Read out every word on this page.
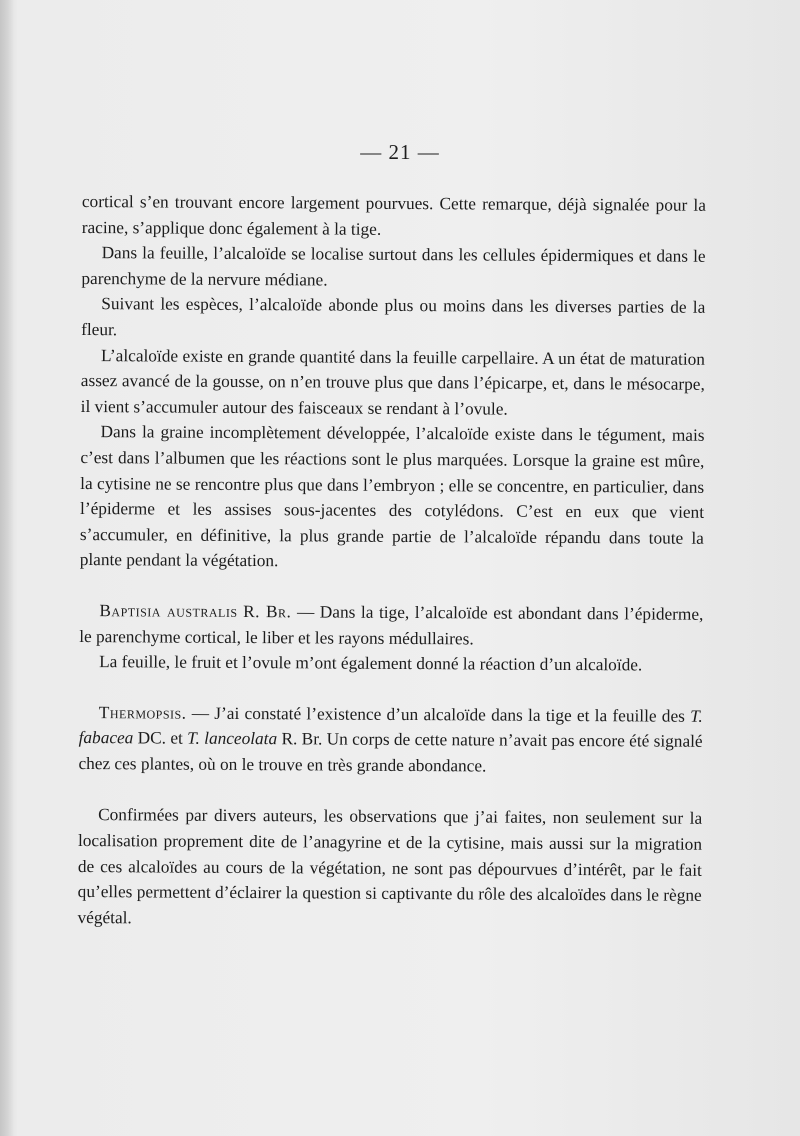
— 21 —

cortical s’en trouvant encore largement pourvues. Cette remarque, déjà signalée pour la racine, s’applique donc également à la tige.

Dans la feuille, l’alcaloïde se localise surtout dans les cellules épidermiques et dans le parenchyme de la nervure médiane.

Suivant les espèces, l’alcaloïde abonde plus ou moins dans les diverses parties de la fleur.

L’alcaloïde existe en grande quantité dans la feuille carpellaire. A un état de maturation assez avancé de la gousse, on n’en trouve plus que dans l’épicarpe, et, dans le mésocarpe, il vient s’accumuler autour des faisceaux se rendant à l’ovule.

Dans la graine incomplètement développée, l’alcaloïde existe dans le tégument, mais c’est dans l’albumen que les réactions sont le plus marquées. Lorsque la graine est mûre, la cytisine ne se rencontre plus que dans l’embryon ; elle se concentre, en particulier, dans l’épiderme et les assises sous-jacentes des cotylédons. C’est en eux que vient s’accumuler, en définitive, la plus grande partie de l’alcaloïde répandu dans toute la plante pendant la végétation.

Baptisia australis R. Br. — Dans la tige, l’alcaloïde est abondant dans l’épiderme, le parenchyme cortical, le liber et les rayons médullaires.

La feuille, le fruit et l’ovule m’ont également donné la réaction d’un alcaloïde.

Thermopsis. — J’ai constaté l’existence d’un alcaloïde dans la tige et la feuille des T. fabacea DC. et T. lanceolata R. Br. Un corps de cette nature n’avait pas encore été signalé chez ces plantes, où on le trouve en très grande abondance.

Confirmées par divers auteurs, les observations que j’ai faites, non seulement sur la localisation proprement dite de l’anagyrine et de la cytisine, mais aussi sur la migration de ces alcaloïdes au cours de la végétation, ne sont pas dépourvues d’intérêt, par le fait qu’elles permettent d’éclairer la question si captivante du rôle des alcaloïdes dans le règne végétal.
